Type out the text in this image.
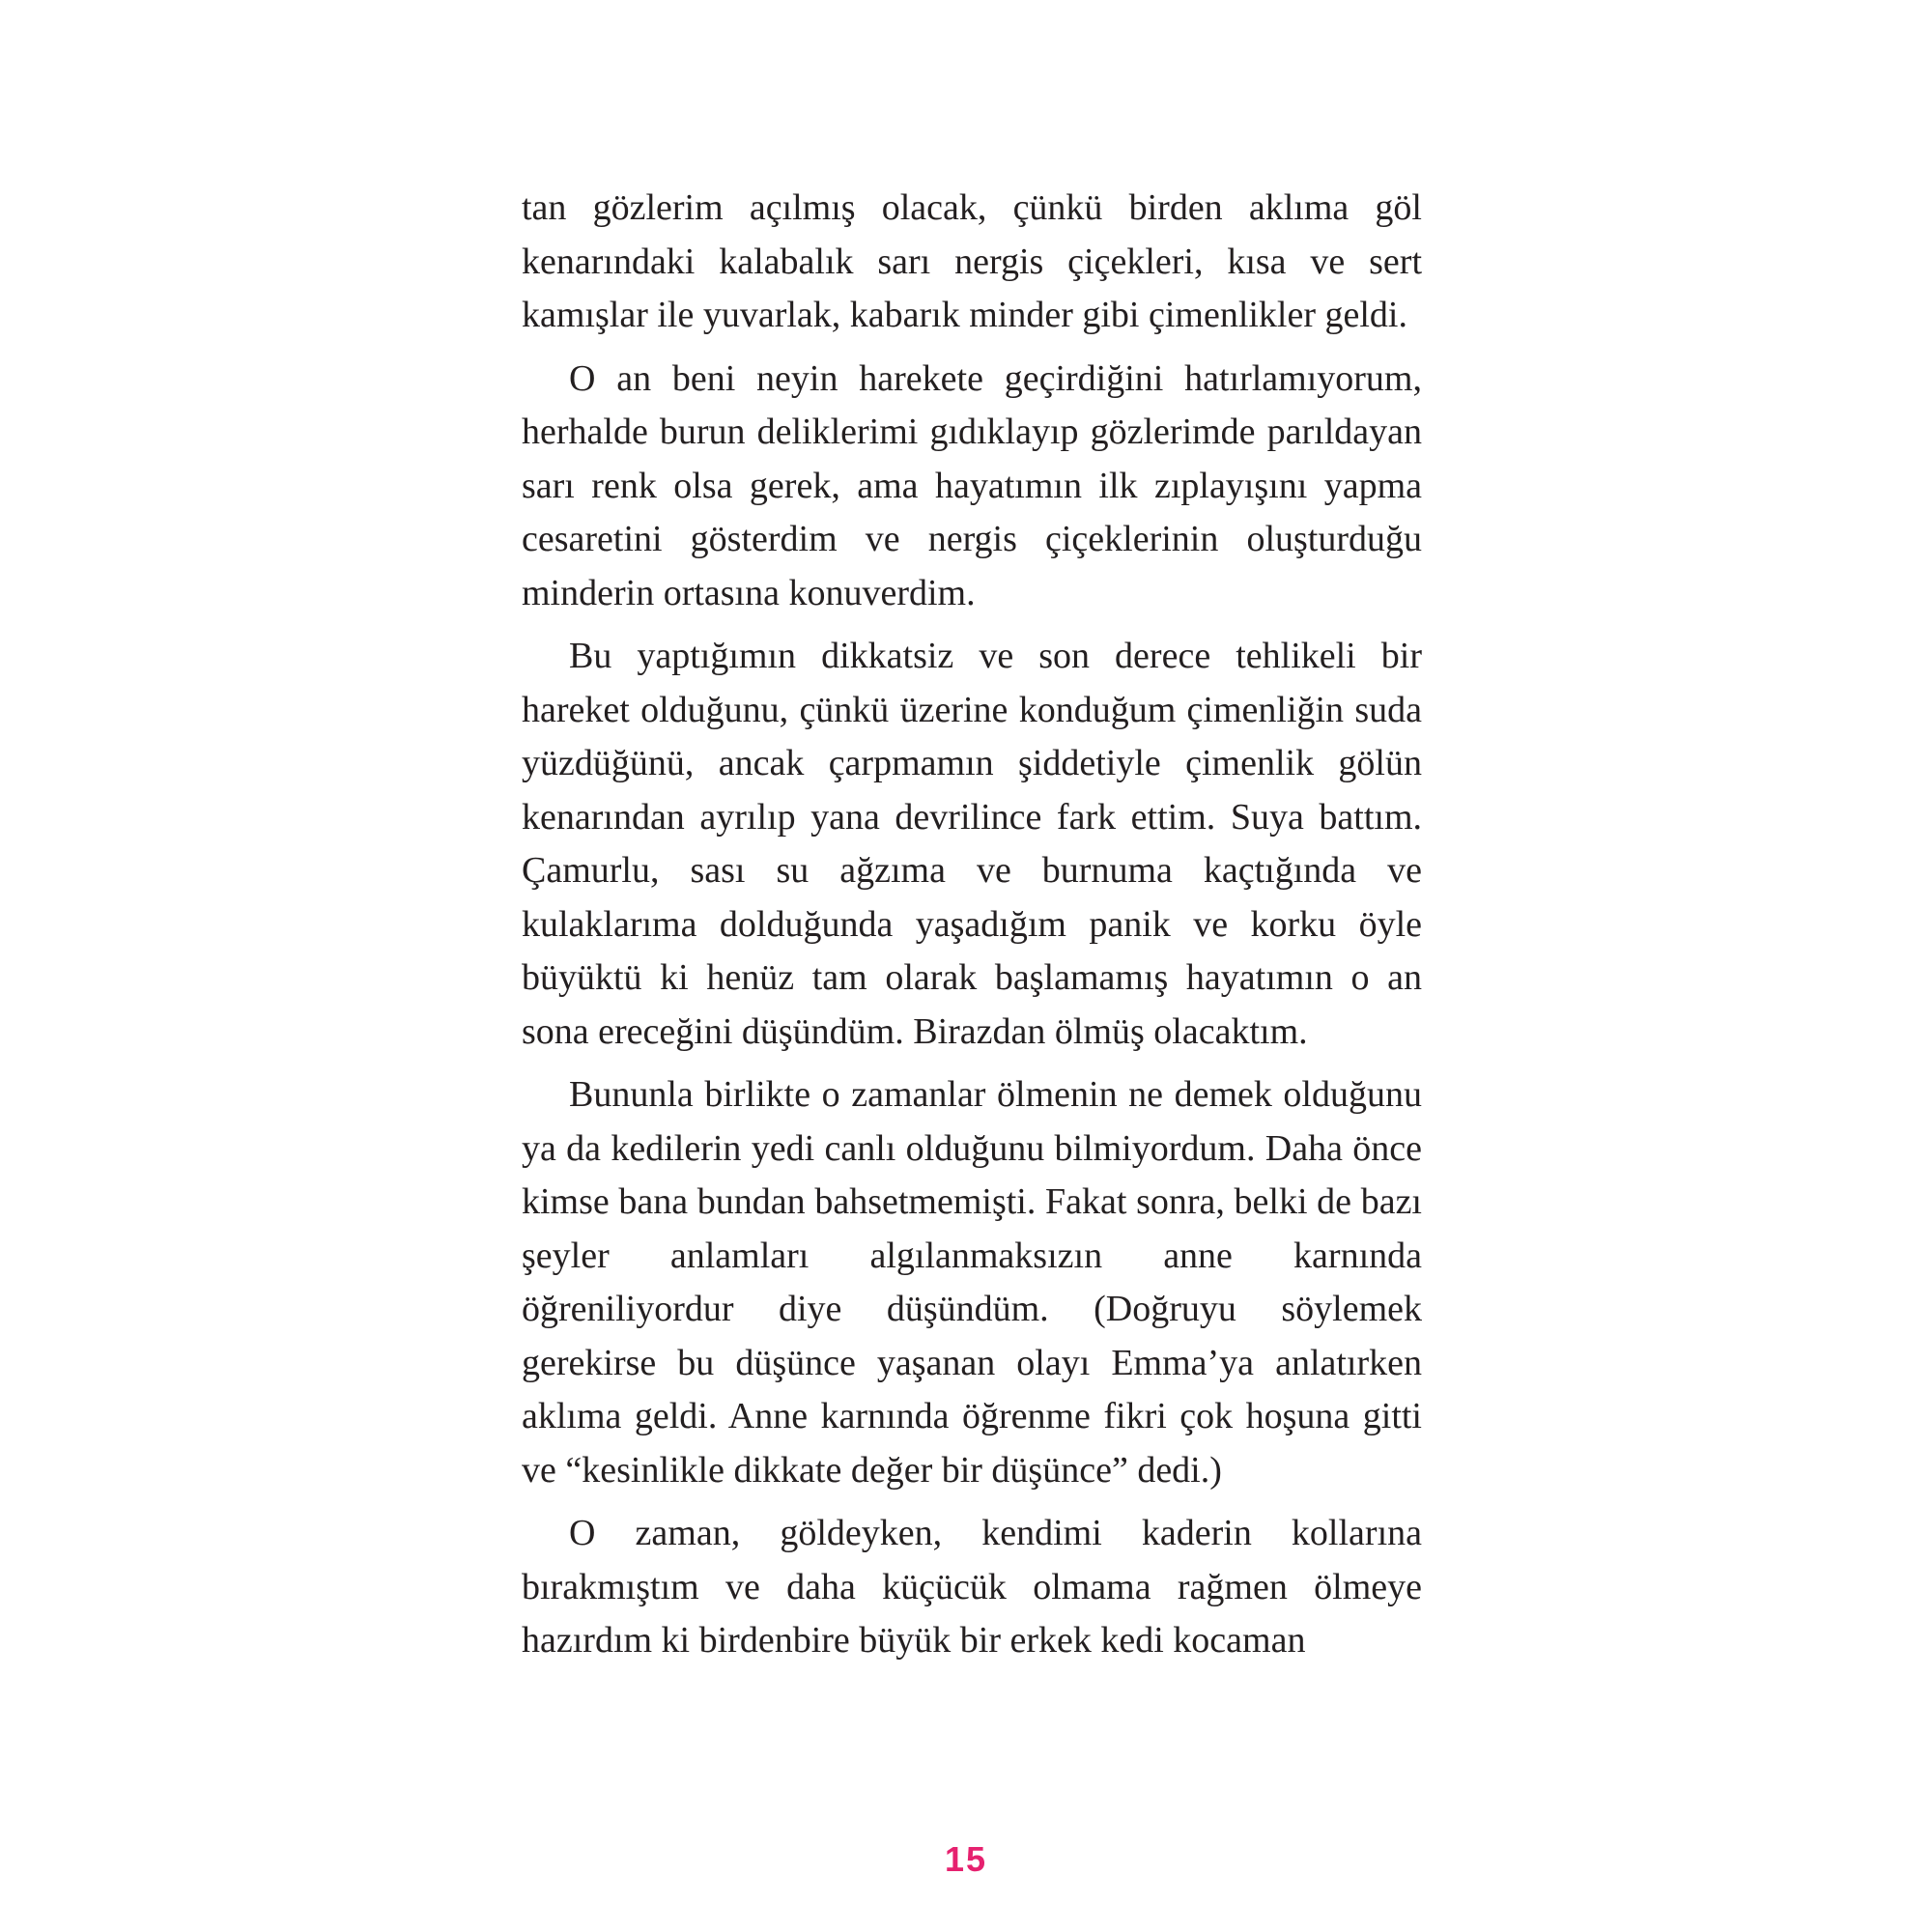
tan gözlerim açılmış olacak, çünkü birden aklıma göl kenarındaki kalabalık sarı nergis çiçekleri, kısa ve sert kamışlar ile yuvarlak, kabarık minder gibi çimenlikler geldi.

O an beni neyin harekete geçirdiğini hatırlamıyorum, herhalde burun deliklerimi gıdıklayıp gözlerimde parıldayan sarı renk olsa gerek, ama hayatımın ilk zıplayışını yapma cesaretini gösterdim ve nergis çiçeklerinin oluşturduğu minderin ortasına konuverdim.

Bu yaptığımın dikkatsiz ve son derece tehlikeli bir hareket olduğunu, çünkü üzerine konduğum çimenliğin suda yüzdüğünü, ancak çarpmamın şiddetiyle çimenlik gölün kenarından ayrılıp yana devrilince fark ettim. Suya battım. Çamurlu, sası su ağzıma ve burnuma kaçtığında ve kulaklarıma dolduğunda yaşadığım panik ve korku öyle büyüktü ki henüz tam olarak başlamamış hayatımın o an sona ereceğini düşündüm. Birazdan ölmüş olacaktım.

Bununla birlikte o zamanlar ölmenin ne demek olduğunu ya da kedilerin yedi canlı olduğunu bilmiyordum. Daha önce kimse bana bundan bahsetmemişti. Fakat sonra, belki de bazı şeyler anlamları algılanmaksızın anne karnında öğreniliyordur diye düşündüm. (Doğruyu söylemek gerekirse bu düşünce yaşanan olayı Emma’ya anlatırken aklıma geldi. Anne karnında öğrenme fikri çok hoşuna gitti ve “kesinlikle dikkate değer bir düşünce” dedi.)

O zaman, göldeyken, kendimi kaderin kollarına bırakmıştım ve daha küçücük olmama rağmen ölmeye hazırdım ki birdenbire büyük bir erkek kedi kocaman

15
